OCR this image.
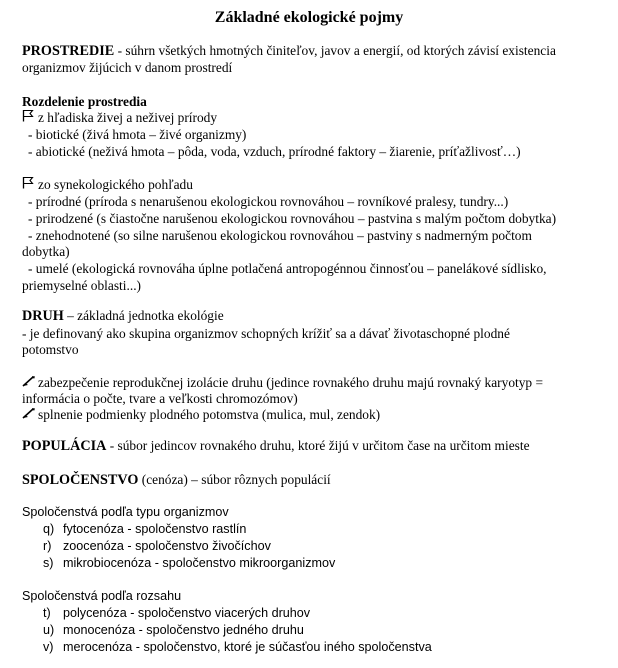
Základné ekologické pojmy
PROSTREDIE - súhrn všetkých hmotných činiteľov, javov a energií, od ktorých závisí existencia
organizmov žijúcich v danom prostredí
Rozdelenie prostredia
z hľadiska živej a neživej prírody
- biotické (živá hmota – živé organizmy)
- abiotické (neživá hmota – pôda, voda, vzduch, prírodné faktory – žiarenie, príťažlivosť…)
zo synekologického pohľadu
- prírodné (príroda s nenarušenou ekologickou rovnováhou – rovníkové pralesy, tundry...)
- prirodzené (s čiastočne narušenou ekologickou rovnováhou – pastvina s malým počtom dobytka)
- znehodnotené (so silne narušenou ekologickou rovnováhou – pastviny s nadmerným počtom
dobytka)
- umelé (ekologická rovnováha úplne potlačená antropogénnou činnosťou – panelákové sídlisko,
priemyselné oblasti...)
DRUH – základná jednotka ekológie
- je definovaný ako skupina organizmov schopných krížiť sa a dávať životaschopné plodné
potomstvo
zabezpečenie reprodukčnej izolácie druhu (jedince rovnakého druhu majú rovnaký karyotyp =
informácia o počte, tvare a veľkosti chromozómov)
splnenie podmienky plodného potomstva (mulica, mul, zendok)
POPULÁCIA - súbor jedincov rovnakého druhu, ktoré žijú v určitom čase na určitom mieste
SPOLOČENSTVO (cenóza) – súbor rôznych populácií
Spoločenstvá podľa typu organizmov
q) fytocenóza - spoločenstvo rastlín
r) zoocenóza - spoločenstvo živočíchov
s) mikrobiocenóza - spoločenstvo mikroorganizmov
Spoločenstvá podľa rozsahu
t) polycenóza - spoločenstvo viacerých druhov
u) monocenóza - spoločenstvo jedného druhu
v) merocenóza - spoločenstvo, ktoré je súčasťou iného spoločenstva
